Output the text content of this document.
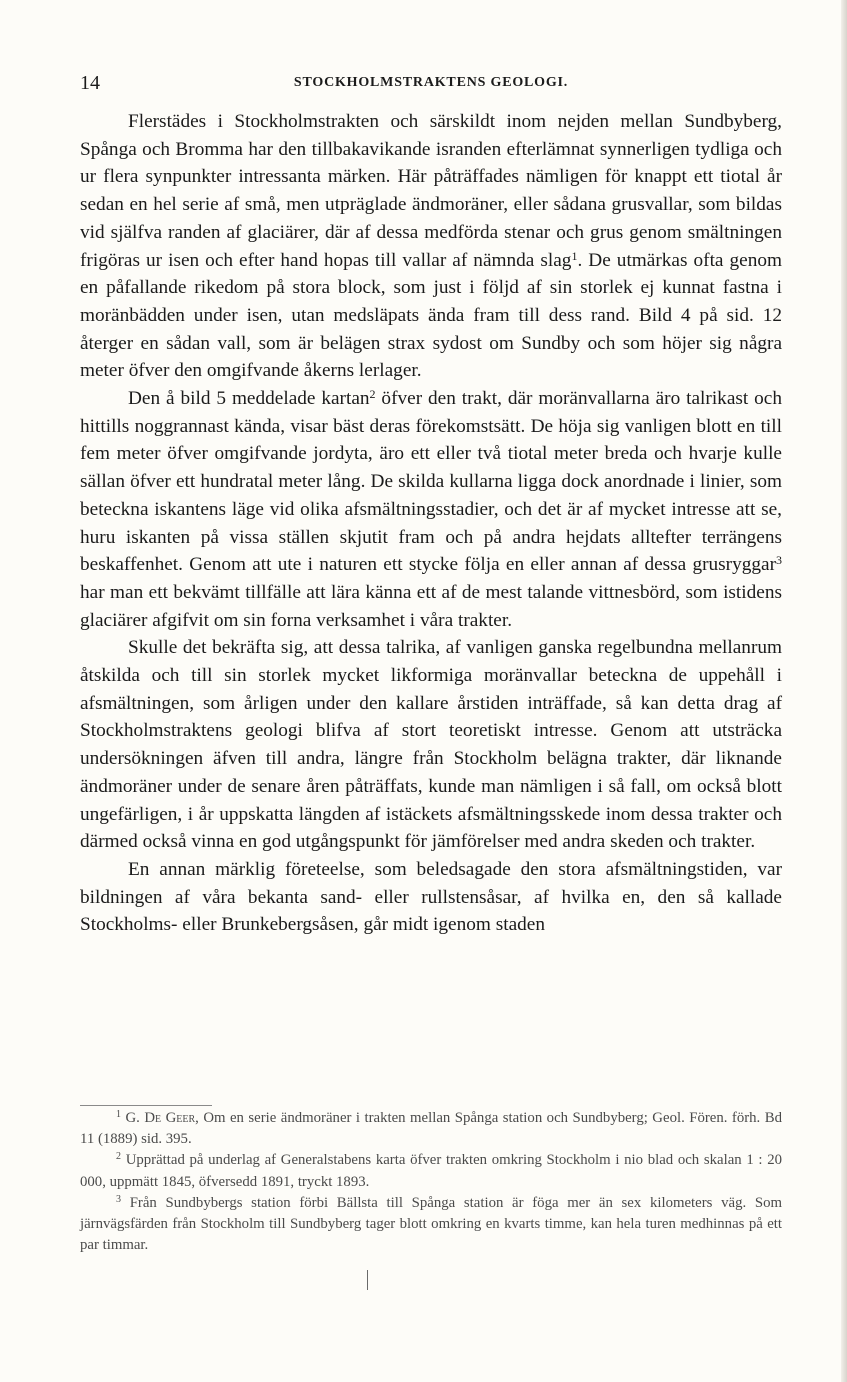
14	STOCKHOLMSTRAKTENS GEOLOGI.

Flerstädes i Stockholmstrakten och särskildt inom nejden mellan Sundbyberg, Spånga och Bromma har den tillbakavikande isranden efterlämnat synnerligen tydliga och ur flera synpunkter intressanta märken. Här påträffades nämligen för knappt ett tiotal år sedan en hel serie af små, men utpräglade ändmoräner, eller sådana grusvallar, som bildas vid själfva randen af glaciärer, där af dessa medförda stenar och grus genom smältningen frigöras ur isen och efter hand hopas till vallar af nämnda slag$^1$. De utmärkas ofta genom en påfallande rikedom på stora block, som just i följd af sin storlek ej kunnat fastna i moränbädden under isen, utan medsläpats ända fram till dess rand. Bild 4 på sid. 12 återger en sådan vall, som är belägen strax sydost om Sundby och som höjer sig några meter öfver den omgifvande åkerns lerlager.

Den å bild 5 meddelade kartan$^2$ öfver den trakt, där moränvallarna äro talrikast och hittills noggrannast kända, visar bäst deras förekomstsätt. De höja sig vanligen blott en till fem meter öfver omgifvande jordyta, äro ett eller två tiotal meter breda och hvarje kulle sällan öfver ett hundratal meter lång. De skilda kullarna ligga dock anordnade i linier, som beteckna iskantens läge vid olika afsmältningsstadier, och det är af mycket intresse att se, huru iskanten på vissa ställen skjutit fram och på andra hejdats alltefter terrängens beskaffenhet. Genom att ute i naturen ett stycke följa en eller annan af dessa grusryggar$^3$ har man ett bekvämt tillfälle att lära känna ett af de mest talande vittnesbörd, som istidens glaciärer afgifvit om sin forna verksamhet i våra trakter.

Skulle det bekräfta sig, att dessa talrika, af vanligen ganska regelbundna mellanrum åtskilda och till sin storlek mycket likformiga moränvallar beteckna de uppehåll i afsmältningen, som årligen under den kallare årstiden inträffade, så kan detta drag af Stockholmstraktens geologi blifva af stort teoretiskt intresse. Genom att utsträcka undersökningen äfven till andra, längre från Stockholm belägna trakter, där liknande ändmoräner under de senare åren påträffats, kunde man nämligen i så fall, om också blott ungefärligen, i år uppskatta längden af istäckets afsmältningsskede inom dessa trakter och därmed också vinna en god utgångspunkt för jämförelser med andra skeden och trakter.

En annan märklig företeelse, som beledsagade den stora afsmältningstiden, var bildningen af våra bekanta sand- eller rullstensåsar, af hvilka en, den så kallade Stockholms- eller Brunkebergsåsen, går midt igenom staden

$^1$ G. De Geer, Om en serie ändmoräner i trakten mellan Spånga station och Sundbyberg; Geol. Fören. förh. Bd 11 (1889) sid. 395.

$^2$ Upprättad på underlag af Generalstabens karta öfver trakten omkring Stockholm i nio blad och skalan 1 : 20 000, uppmätt 1845, öfversedd 1891, tryckt 1893.

$^3$ Från Sundbybergs station förbi Bällsta till Spånga station är föga mer än sex kilometers väg. Som järnvägsfärden från Stockholm till Sundbyberg tager blott omkring en kvarts timme, kan hela turen medhinnas på ett par timmar.
